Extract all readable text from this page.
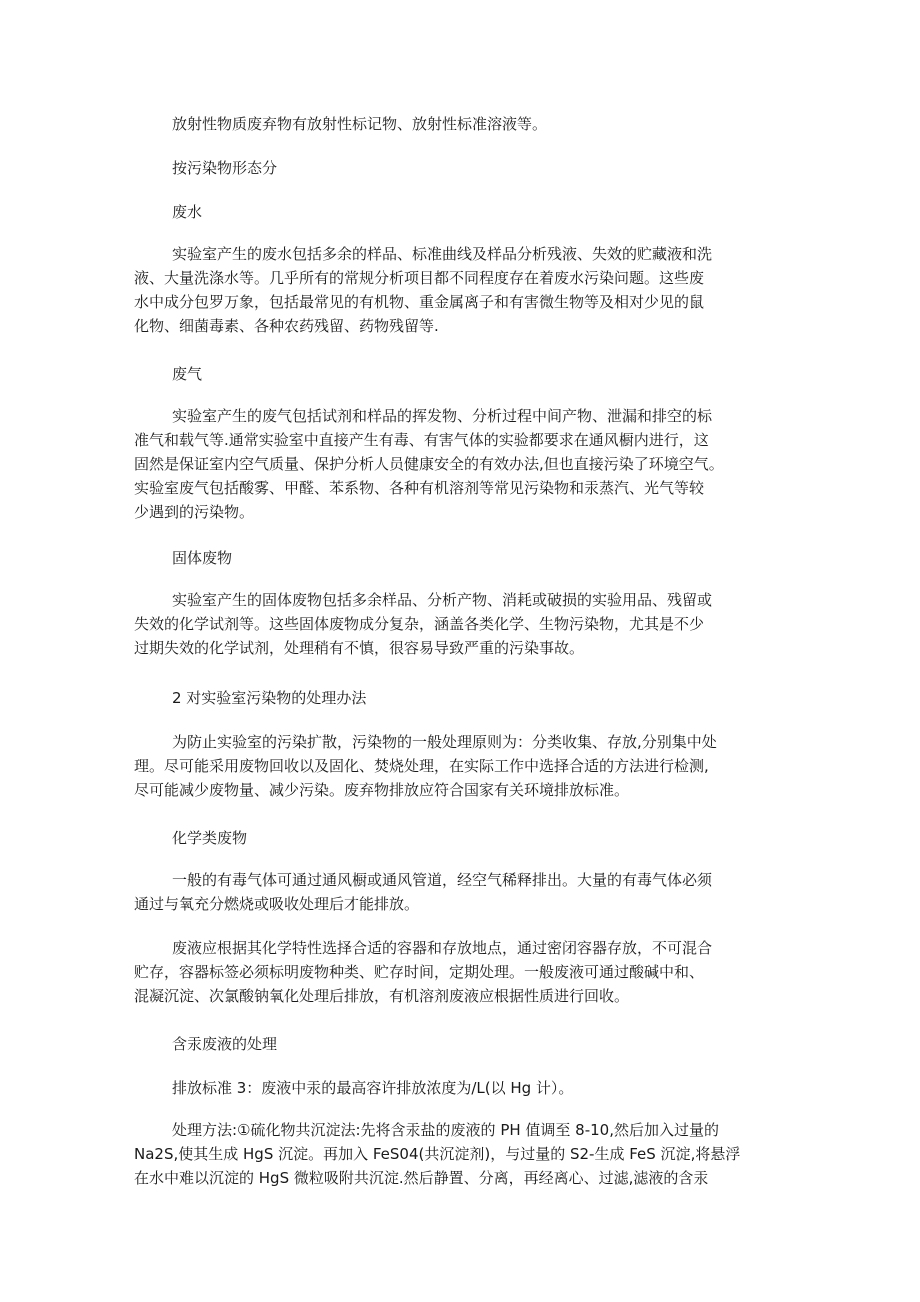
放射性物质废弃物有放射性标记物、放射性标准溶液等。

按污染物形态分

废水

实验室产生的废水包括多余的样品、标准曲线及样品分析残液、失效的贮藏液和洗
液、大量洗涤水等。几乎所有的常规分析项目都不同程度存在着废水污染问题。这些废
水中成分包罗万象，包括最常见的有机物、重金属离子和有害微生物等及相对少见的鼠
化物、细菌毒素、各种农药残留、药物残留等.

废气

实验室产生的废气包括试剂和样品的挥发物、分析过程中间产物、泄漏和排空的标
准气和载气等.通常实验室中直接产生有毒、有害气体的实验都要求在通风橱内进行，这
固然是保证室内空气质量、保护分析人员健康安全的有效办法,但也直接污染了环境空气。
实验室废气包括酸雾、甲醛、苯系物、各种有机溶剂等常见污染物和汞蒸汽、光气等较
少遇到的污染物。

固体废物

实验室产生的固体废物包括多余样品、分析产物、消耗或破损的实验用品、残留或
失效的化学试剂等。这些固体废物成分复杂，涵盖各类化学、生物污染物，尤其是不少
过期失效的化学试剂，处理稍有不慎，很容易导致严重的污染事故。

2 对实验室污染物的处理办法

为防止实验室的污染扩散，污染物的一般处理原则为：分类收集、存放,分别集中处
理。尽可能采用废物回收以及固化、焚烧处理，在实际工作中选择合适的方法进行检测,
尽可能减少废物量、减少污染。废弃物排放应符合国家有关环境排放标准。

化学类废物

一般的有毒气体可通过通风橱或通风管道，经空气稀释排出。大量的有毒气体必须
通过与氧充分燃烧或吸收处理后才能排放。

废液应根据其化学特性选择合适的容器和存放地点，通过密闭容器存放，不可混合
贮存，容器标签必须标明废物种类、贮存时间，定期处理。一般废液可通过酸碱中和、
混凝沉淀、次氯酸钠氧化处理后排放，有机溶剂废液应根据性质进行回收。

含汞废液的处理

排放标准 3：废液中汞的最高容许排放浓度为/L(以 Hg 计）。

处理方法:①硫化物共沉淀法:先将含汞盐的废液的 PH 值调至 8-10,然后加入过量的
Na2S,使其生成 HgS 沉淀。再加入 FeS04(共沉淀剂)，与过量的 S2-生成 FeS 沉淀,将悬浮
在水中难以沉淀的 HgS 微粒吸附共沉淀.然后静置、分离，再经离心、过滤,滤液的含汞
